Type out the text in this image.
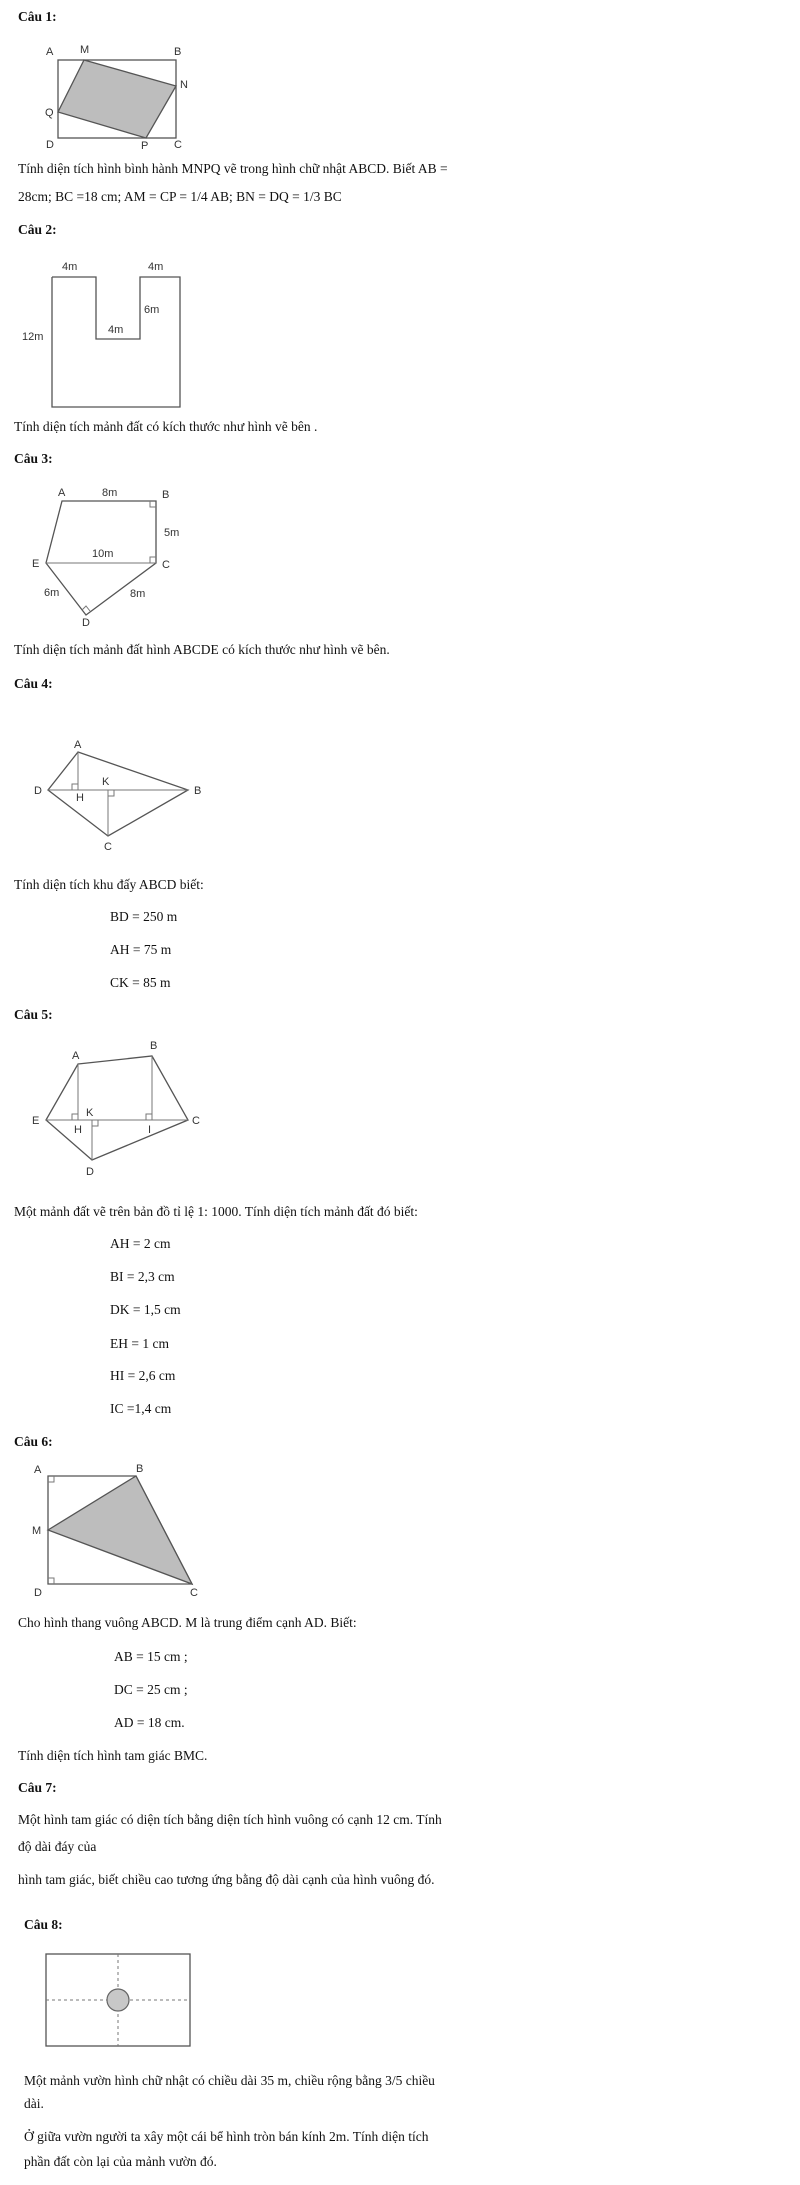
Câu 1:
A M	B
N
Q
D	P C
Tính diện tích hình bình hành MNPQ vẽ trong hình chữ nhật ABCD. Biết AB =
28cm; BC =18 cm; AM = CP = 1/4 AB; BN = DQ = 1/3 BC
Câu 2:
4m	4m
6m
4m
12m
Tính diện tích mảnh đất có kích thước như hình vẽ bên .
Câu 3:
A	8m	B
5m
E
10m
C
6m	8m
D
Tính diện tích mảnh đất hình ABCDE có kích thước như hình vẽ bên.
Câu 4:
A
D
K
H
B
C
Tính diện tích khu đấy ABCD biết:
BD = 250 m
AH = 75 m
CK = 85 m
Câu 5:
A
B
E
K
H	I
C
D
Một mảnh đất vẽ trên bản đồ tỉ lệ 1: 1000. Tính diện tích mảnh đất đó biết:
AH = 2 cm
BI = 2,3 cm
DK = 1,5 cm
EH = 1 cm
HI = 2,6 cm
IC =1,4 cm
Câu 6:
A	B
M
D	C
Cho hình thang vuông ABCD. M là trung điểm cạnh AD. Biết:
AB = 15 cm ;
DC = 25 cm ;
AD = 18 cm.
Tính diện tích hình tam giác BMC.
Câu 7:
Một hình tam giác có diện tích bằng diện tích hình vuông có cạnh 12 cm. Tính
độ dài đáy của
hình tam giác, biết chiều cao tương ứng bằng độ dài cạnh của hình vuông đó.
Câu 8:
Một mảnh vườn hình chữ nhật có chiều dài 35 m, chiều rộng bằng 3/5 chiều
dài.
Ở giữa vườn người ta xây một cái bể hình tròn bán kính 2m. Tính diện tích
phần đất còn lại của mảnh vườn đó.
